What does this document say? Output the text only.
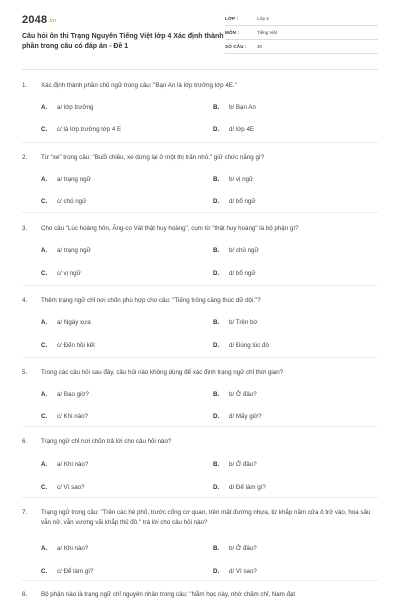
2048.vn
Câu hỏi ôn thi Trạng Nguyên Tiếng Việt lớp 4 Xác định thành phần trong câu có đáp án - Đề 1
LỚP :	Lớp 4
MÔN :	Tiếng Việt
SỐ CÂU :	30
1.	Xác định thành phần chủ ngữ trong câu: "Bạn An là lớp trưởng lớp 4E."
A.	a/ lớp trưởng	B.	b/ Bạn An
C.	c/ là lớp trưởng lớp 4 E	D.	d/ lớp 4E
2.	Từ "xe" trong câu: "Buổi chiều, xe dừng lại ở một thị trấn nhỏ." giữ chức năng gì?
A.	a/ trạng ngữ	B.	b/ vị ngữ
C.	c/ chủ ngữ	D.	d/ bổ ngữ
3.	Cho câu "Lúc hoàng hôn, Ăng-co Vát thật huy hoàng", cụm từ "thật huy hoàng" là bộ phận gì?
A.	a/ trạng ngữ	B.	b/ chủ ngữ
C.	c/ vị ngữ	D.	d/ bổ ngữ
4.	Thêm trạng ngữ chỉ nơi chốn phù hợp cho câu: "Tiếng trống căng thúc dữ dội."?
A.	a/ Ngày xưa	B.	b/ Trên bờ
C.	c/ Đến hồi kết	D.	d/ Đúng lúc đó
5.	Trong các câu hỏi sau đây, câu hỏi nào không dùng để xác định trạng ngữ chỉ thời gian?
A.	a/ Bao giờ?	B.	b/ Ở đâu?
C.	c/ Khi nào?	D.	d/ Mấy giờ?
6.	Trạng ngữ chỉ nơi chốn trả lời cho câu hỏi nào?
A.	a/ Khi nào?	B.	b/ Ở đâu?
C.	c/ Vì sao?	D.	d/ Để làm gì?
7.	Trạng ngữ trong câu: "Trên các hè phố, trước cổng cơ quan, trên mặt đường nhựa, từ khắp năm cửa ô trở vào, hoa sấu vẫn nở, vẫn vương vãi khắp thủ đô." trả lời cho câu hỏi nào?
A.	a/ Khi nào?	B.	b/ Ở đâu?
C.	c/ Để làm gì?	D.	d/ Vì sao?
8.	Bộ phận nào là trạng ngữ chỉ nguyên nhân trong câu: "Nằm học này, nhờ chăm chỉ, Nam đạt
